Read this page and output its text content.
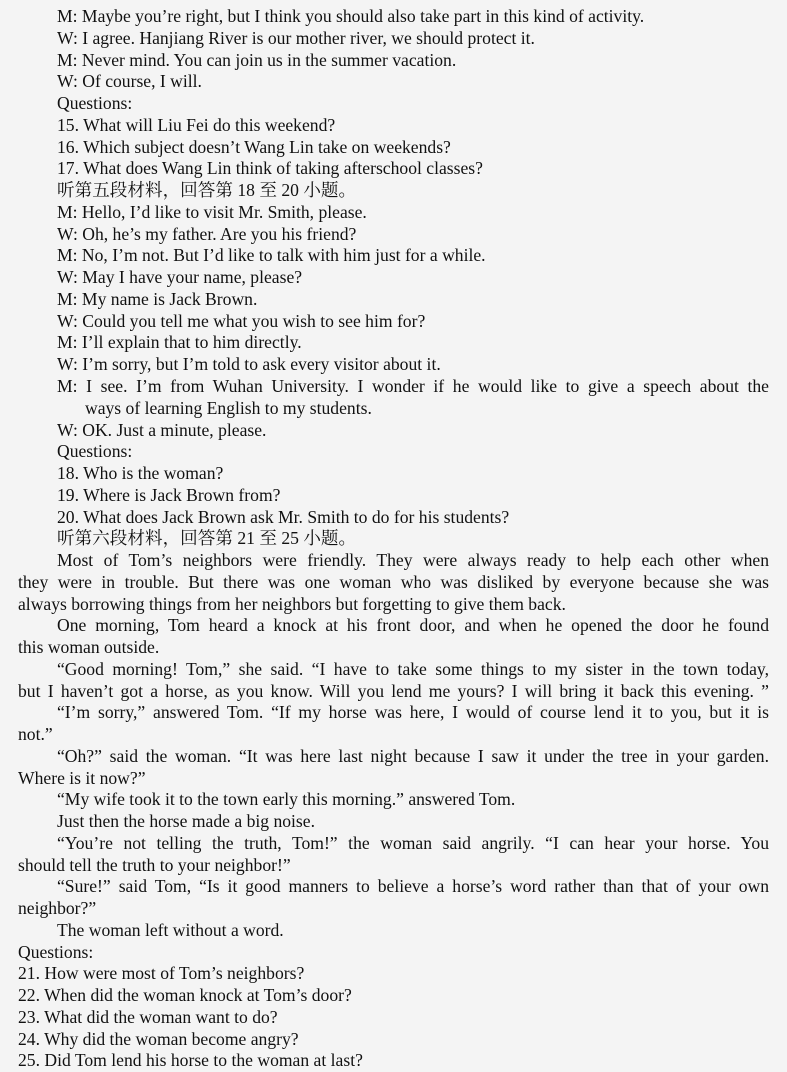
M: Maybe you’re right, but I think you should also take part in this kind of activity.
W: I agree. Hanjiang River is our mother river, we should protect it.
M: Never mind. You can join us in the summer vacation.
W: Of course, I will.
Questions:
15. What will Liu Fei do this weekend?
16. Which subject doesn’t Wang Lin take on weekends?
17. What does Wang Lin think of taking afterschool classes?
听第五段材料，回答第 18 至 20 小题。
M: Hello, I’d like to visit Mr. Smith, please.
W: Oh, he’s my father. Are you his friend?
M: No, I’m not. But I’d like to talk with him just for a while.
W: May I have your name, please?
M: My name is Jack Brown.
W: Could you tell me what you wish to see him for?
M: I’ll explain that to him directly.
W: I’m sorry, but I’m told to ask every visitor about it.
M: I see. I’m from Wuhan University. I wonder if he would like to give a speech about the
ways of learning English to my students.
W: OK. Just a minute, please.
Questions:
18. Who is the woman?
19. Where is Jack Brown from?
20. What does Jack Brown ask Mr. Smith to do for his students?
听第六段材料，回答第 21 至 25 小题。
Most of Tom’s neighbors were friendly. They were always ready to help each other when
they were in trouble. But there was one woman who was disliked by everyone because she was
always borrowing things from her neighbors but forgetting to give them back.
One morning, Tom heard a knock at his front door, and when he opened the door he found
this woman outside.
“Good morning! Tom,” she said. “I have to take some things to my sister in the town today,
but I haven’t got a horse, as you know. Will you lend me yours? I will bring it back this evening. ”
“I’m sorry,” answered Tom. “If my horse was here, I would of course lend it to you, but it is
not.”
“Oh?” said the woman. “It was here last night because I saw it under the tree in your garden.
Where is it now?”
“My wife took it to the town early this morning.” answered Tom.
Just then the horse made a big noise.
“You’re not telling the truth, Tom!” the woman said angrily. “I can hear your horse. You
should tell the truth to your neighbor!”
“Sure!” said Tom, “Is it good manners to believe a horse’s word rather than that of your own
neighbor?”
The woman left without a word.
Questions:
21. How were most of Tom’s neighbors?
22. When did the woman knock at Tom’s door?
23. What did the woman want to do?
24. Why did the woman become angry?
25. Did Tom lend his horse to the woman at last?
